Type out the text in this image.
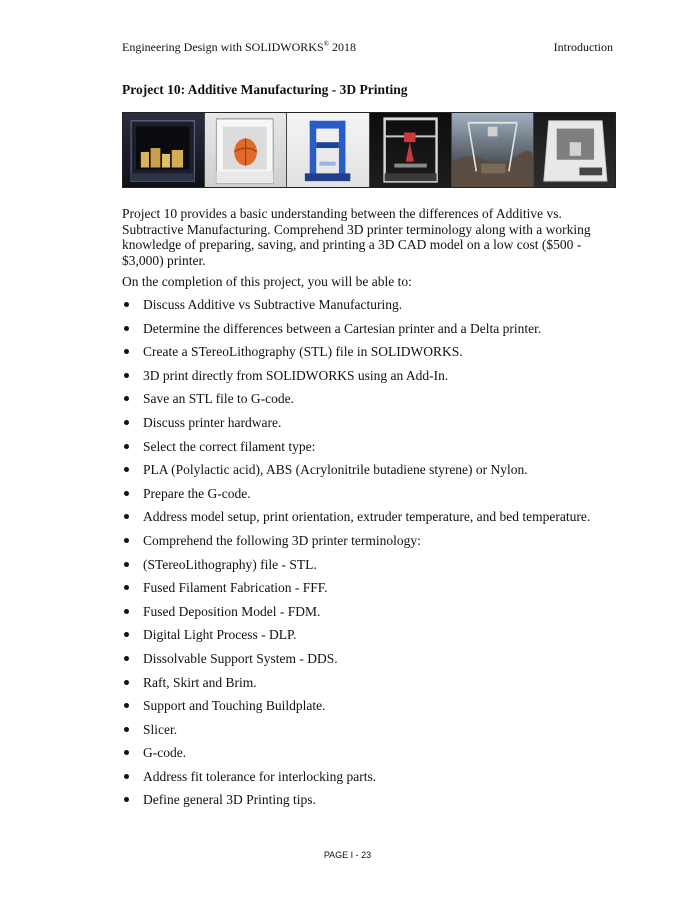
Engineering Design with SOLIDWORKS® 2018	Introduction
Project 10: Additive Manufacturing - 3D Printing

Project 10 provides a basic understanding between the differences of Additive vs. Subtractive Manufacturing. Comprehend 3D printer terminology along with a working knowledge of preparing, saving, and printing a 3D CAD model on a low cost ($500 - $3,000) printer.

On the completion of this project, you will be able to:

Discuss Additive vs Subtractive Manufacturing.
Determine the differences between a Cartesian printer and a Delta printer.
Create a STereoLithography (STL) file in SOLIDWORKS.
3D print directly from SOLIDWORKS using an Add-In.
Save an STL file to G-code.
Discuss printer hardware.
Select the correct filament type:
PLA (Polylactic acid), ABS (Acrylonitrile butadiene styrene) or Nylon.
Prepare the G-code.
Address model setup, print orientation, extruder temperature, and bed temperature.
Comprehend the following 3D printer terminology:
(STereoLithography) file - STL.
Fused Filament Fabrication - FFF.
Fused Deposition Model - FDM.
Digital Light Process - DLP.
Dissolvable Support System - DDS.
Raft, Skirt and Brim.
Support and Touching Buildplate.
Slicer.
G-code.
Address fit tolerance for interlocking parts.
Define general 3D Printing tips.
PAGE I - 23
